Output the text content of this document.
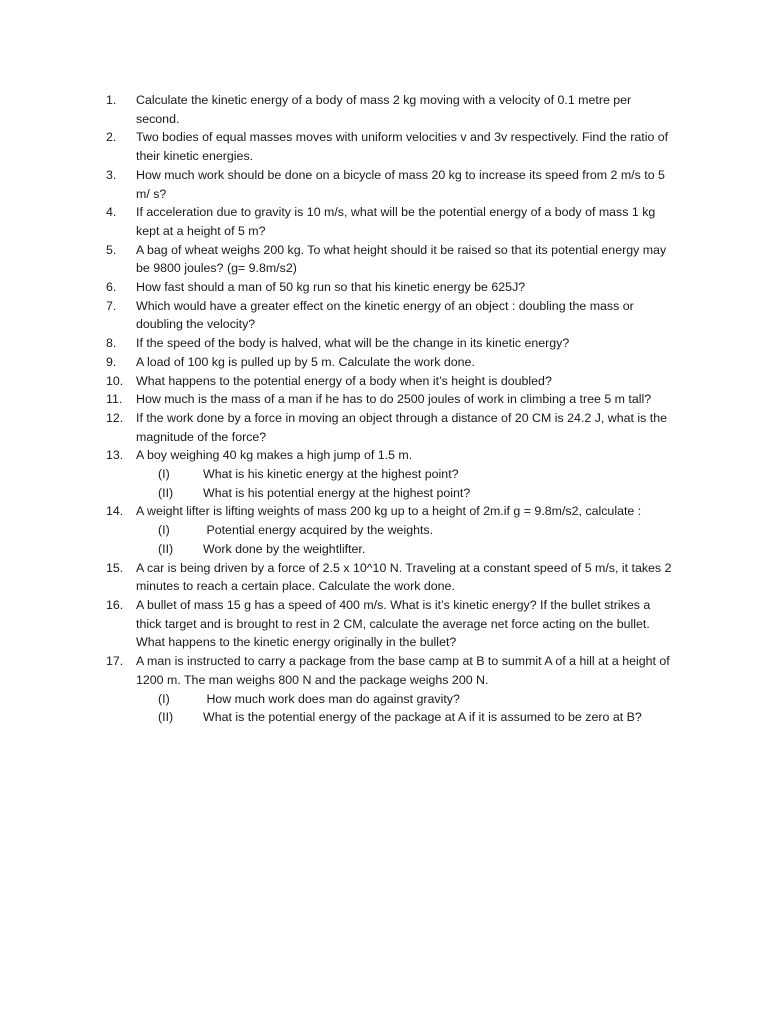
1.	Calculate the kinetic energy of a body of mass 2 kg moving with a velocity of 0.1 metre per second.
2.	Two bodies of equal masses moves with uniform velocities v and 3v respectively. Find the ratio of their kinetic energies.
3.	How much work should be done on a bicycle of mass 20 kg to increase its speed from 2 m/s to 5 m/ s?
4.	If acceleration due to gravity is 10 m/s, what will be the potential energy of a body of mass 1 kg kept at a height of 5 m?
5.	A bag of wheat weighs 200 kg. To what height should it be raised so that its potential energy may be 9800 joules? (g= 9.8m/s2)
6.	How fast should a man of 50 kg run so that his kinetic energy be 625J?
7.	Which would have a greater effect on the kinetic energy of an object : doubling the mass or doubling the velocity?
8.	If the speed of the body is halved, what will be the change in its kinetic energy?
9.	A load of 100 kg is pulled up by 5 m. Calculate the work done.
10.	What happens to the potential energy of a body when it’s height is doubled?
11.	How much is the mass of a man if he has to do 2500 joules of work in climbing a tree 5 m tall?
12.	If the work done by a force in moving an object through a distance of 20 CM is 24.2 J, what is the magnitude of the force?
13.	A boy weighing 40 kg makes a high jump of 1.5 m.
(I)	What is his kinetic energy at the highest point?
(II)	What is his potential energy at the highest point?
14.	A weight lifter is lifting weights of mass 200 kg up to a height of 2m.if g = 9.8m/s2, calculate :
(I)	Potential energy acquired by the weights.
(II)	Work done by the weightlifter.
15.	A car is being driven by a force of 2.5 x 10^10 N. Traveling at a constant speed of 5 m/s, it takes 2 minutes to reach a certain place. Calculate the work done.
16.	A bullet of mass 15 g has a speed of 400 m/s. What is it’s kinetic energy? If the bullet strikes a thick target and is brought to rest in 2 CM, calculate the average net force acting on the bullet. What happens to the kinetic energy originally in the bullet?
17.	A man is instructed to carry a package from the base camp at B to summit A of a hill at a height of 1200 m. The man weighs 800 N and the package weighs 200 N.
(I)	How much work does man do against gravity?
(II)	What is the potential energy of the package at A if it is assumed to be zero at B?
